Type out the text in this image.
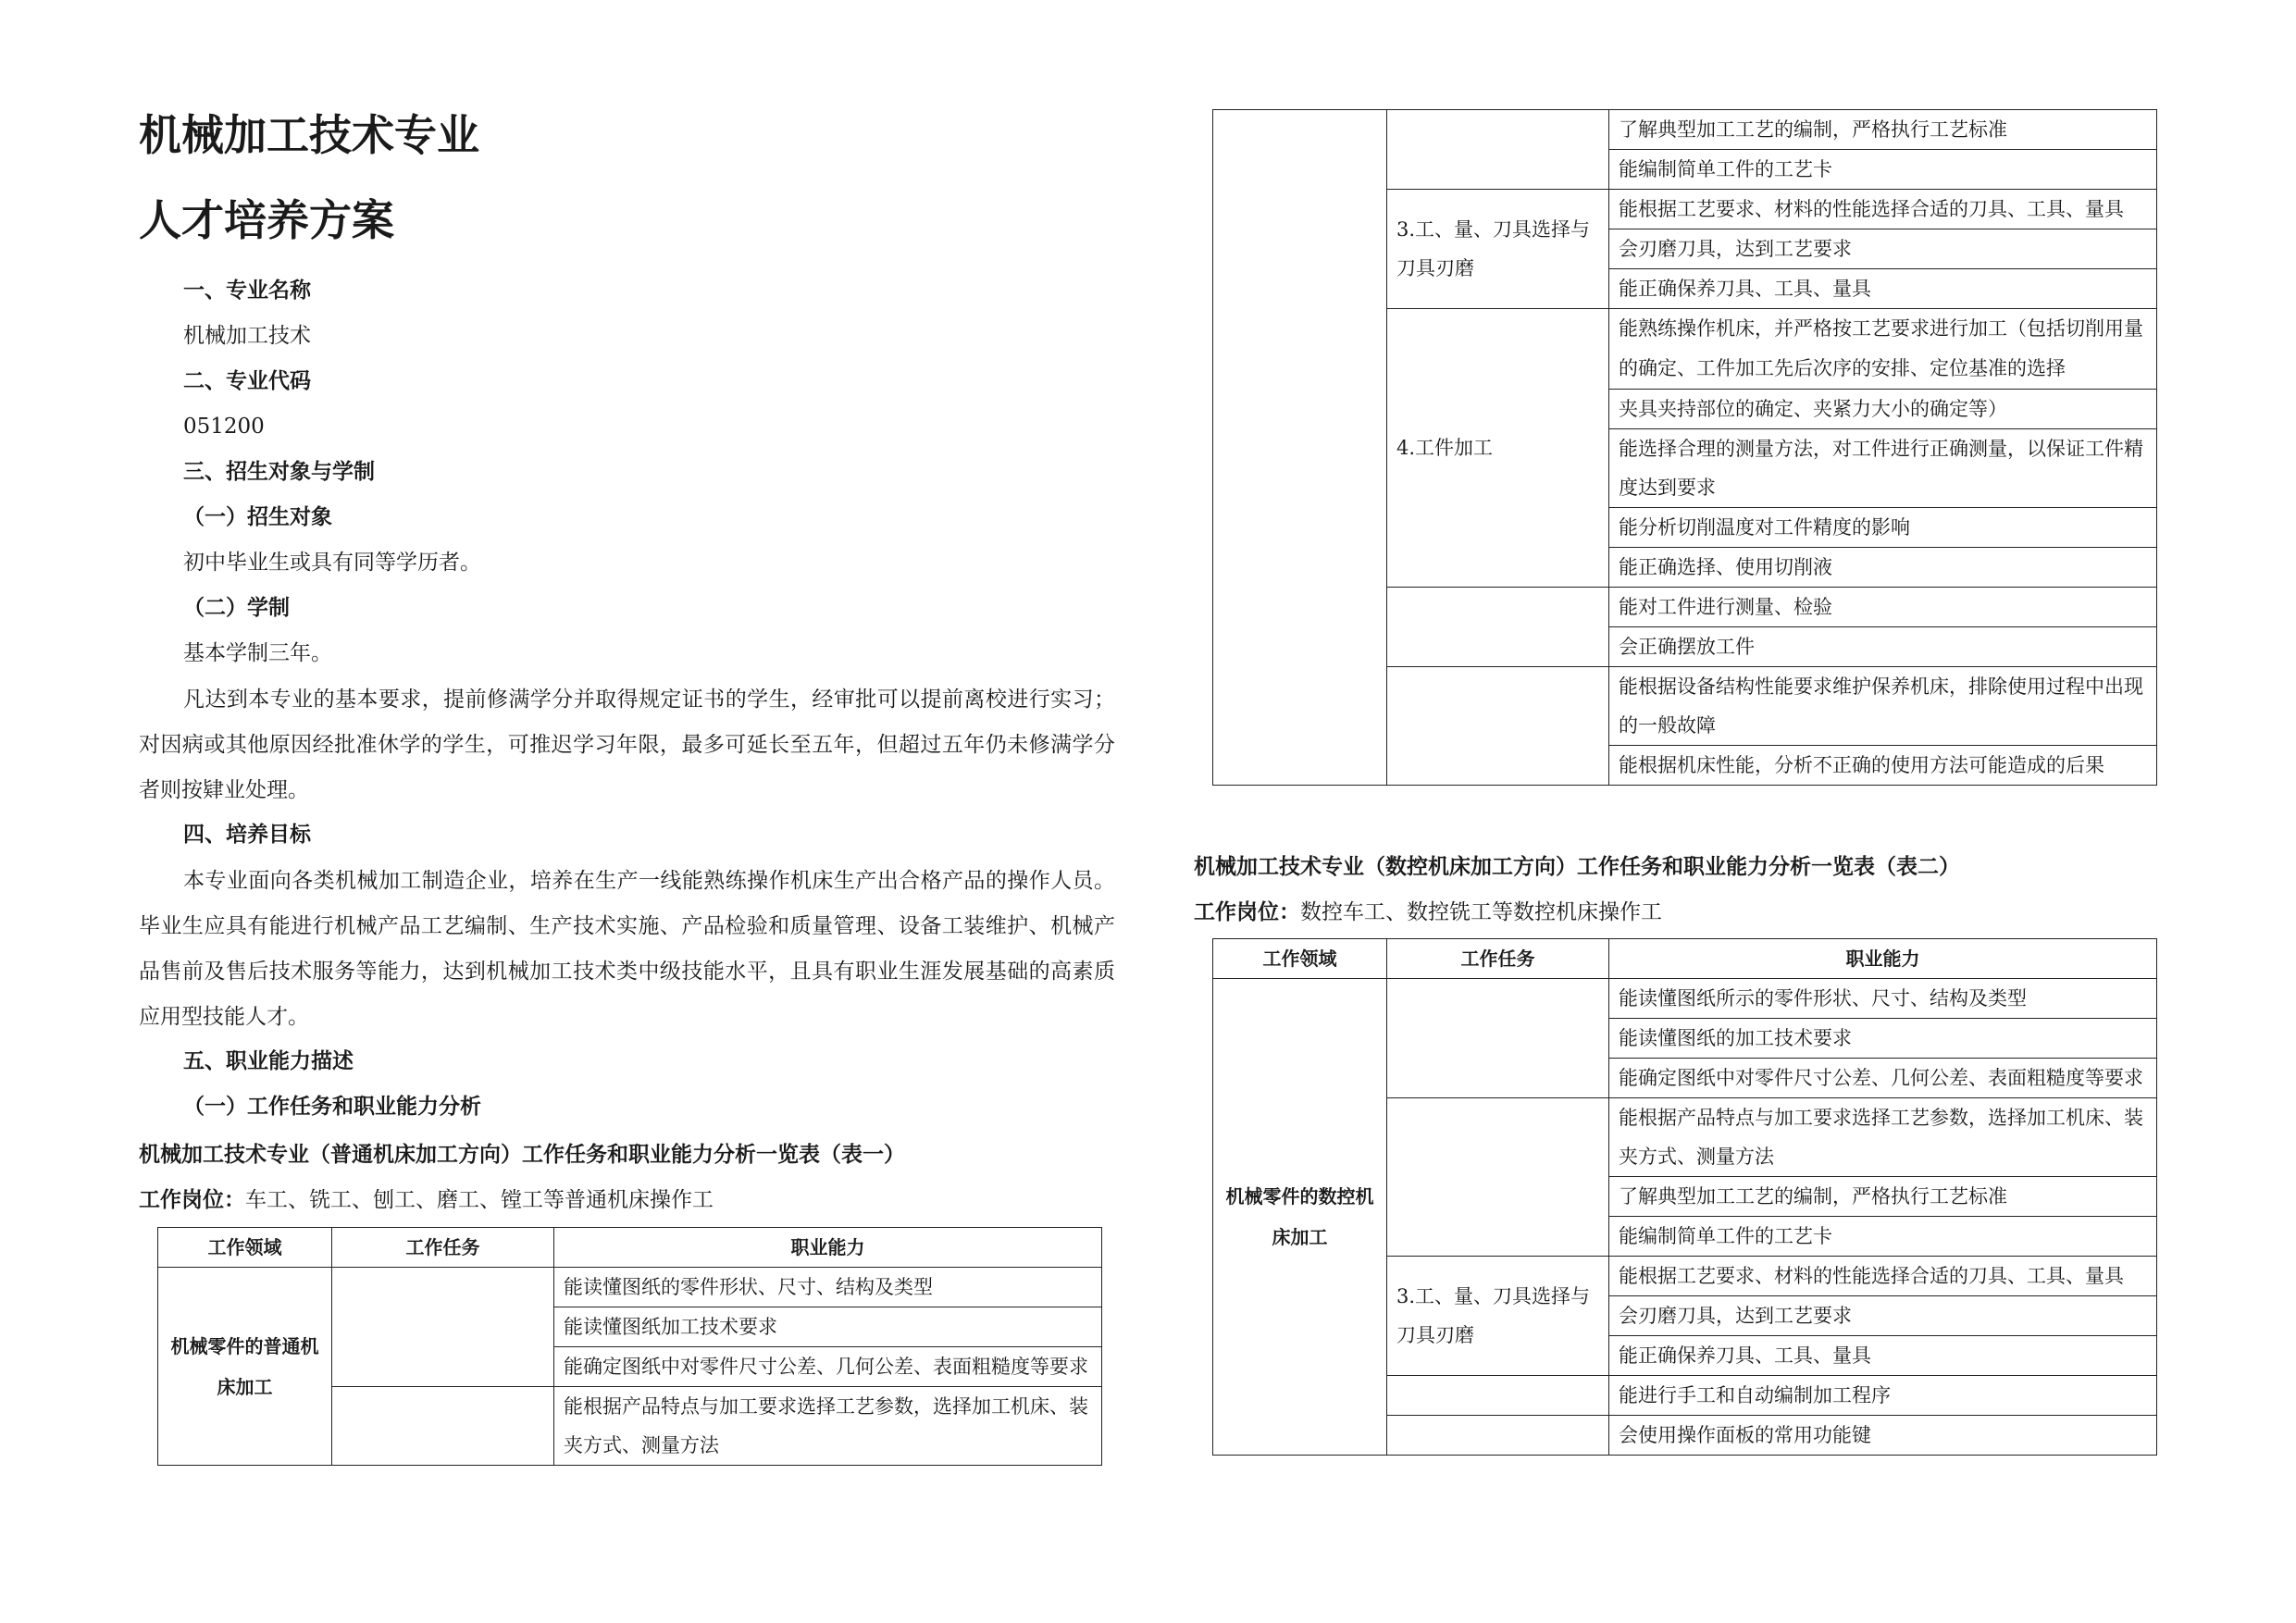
机械加工技术专业
人才培养方案
一、专业名称
机械加工技术
二、专业代码
051200
三、招生对象与学制
（一）招生对象
初中毕业生或具有同等学历者。
（二）学制
基本学制三年。
凡达到本专业的基本要求，提前修满学分并取得规定证书的学生，经审批可以提前离校进行实习；对因病或其他原因经批准休学的学生，可推迟学习年限，最多可延长至五年，但超过五年仍未修满学分者则按肄业处理。
四、培养目标
本专业面向各类机械加工制造企业，培养在生产一线能熟练操作机床生产出合格产品的操作人员。毕业生应具有能进行机械产品工艺编制、生产技术实施、产品检验和质量管理、设备工装维护、机械产品售前及售后技术服务等能力，达到机械加工技术类中级技能水平，且具有职业生涯发展基础的高素质应用型技能人才。
五、职业能力描述
（一）工作任务和职业能力分析
机械加工技术专业（普通机床加工方向）工作任务和职业能力分析一览表（表一）
工作岗位：车工、铣工、刨工、磨工、镗工等普通机床操作工
工作领域	工作任务	职业能力
机械零件的普通机床加工		能读懂图纸的零件形状、尺寸、结构及类型
		能读懂图纸加工技术要求
		能确定图纸中对零件尺寸公差、几何公差、表面粗糙度等要求
		能根据产品特点与加工要求选择工艺参数，选择加工机床、装夹方式、测量方法
		了解典型加工工艺的编制，严格执行工艺标准
		能编制简单工件的工艺卡
	3.工、量、刀具选择与刀具刃磨	能根据工艺要求、材料的性能选择合适的刀具、工具、量具
		会刃磨刀具，达到工艺要求
		能正确保养刀具、工具、量具
	4.工件加工	能熟练操作机床，并严格按工艺要求进行加工（包括切削用量的确定、工件加工先后次序的安排、定位基准的选择
		夹具夹持部位的确定、夹紧力大小的确定等）
		能选择合理的测量方法，对工件进行正确测量，以保证工件精度达到要求
		能分析切削温度对工件精度的影响
		能正确选择、使用切削液
		能对工件进行测量、检验
		会正确摆放工件
		能根据设备结构性能要求维护保养机床，排除使用过程中出现的一般故障
		能根据机床性能，分析不正确的使用方法可能造成的后果
机械加工技术专业（数控机床加工方向）工作任务和职业能力分析一览表（表二）
工作岗位：数控车工、数控铣工等数控机床操作工
工作领域	工作任务	职业能力
机械零件的数控机床加工		能读懂图纸所示的零件形状、尺寸、结构及类型
		能读懂图纸的加工技术要求
		能确定图纸中对零件尺寸公差、几何公差、表面粗糙度等要求
		能根据产品特点与加工要求选择工艺参数，选择加工机床、装夹方式、测量方法
		了解典型加工工艺的编制，严格执行工艺标准
		能编制简单工件的工艺卡
	3.工、量、刀具选择与刀具刃磨	能根据工艺要求、材料的性能选择合适的刀具、工具、量具
		会刃磨刀具，达到工艺要求
		能正确保养刀具、工具、量具
		能进行手工和自动编制加工程序
		会使用操作面板的常用功能键
